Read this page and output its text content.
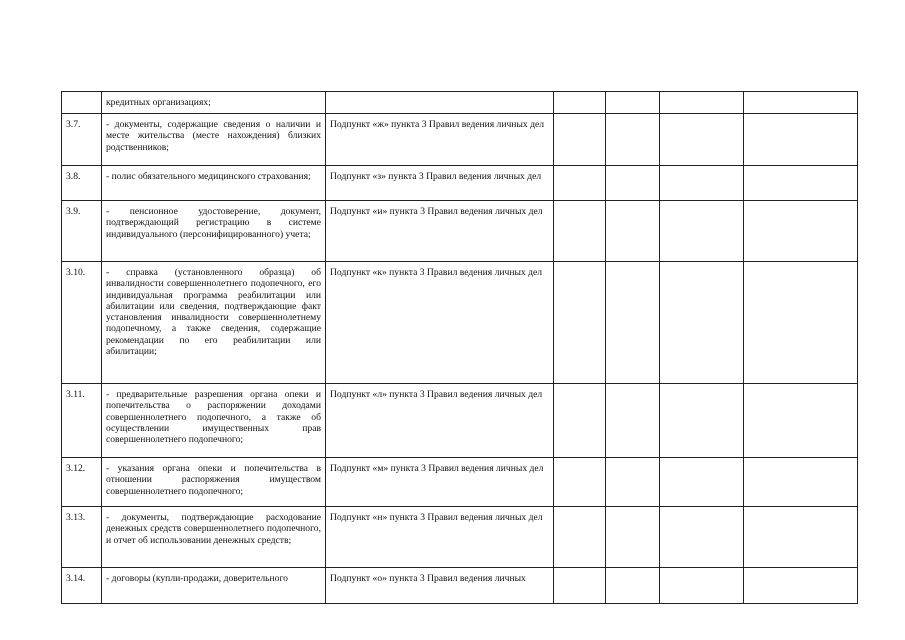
	кредитных организациях;					
3.7.	- документы, содержащие сведения о наличии и месте жительства (месте нахождения) близких родственников;	Подпункт «ж» пункта 3 Правил ведения личных дел				
3.8.	- полис обязательного медицинского страхования;	Подпункт «з» пункта 3 Правил ведения личных дел				
3.9.	- пенсионное удостоверение, документ, подтверждающий регистрацию в системе индивидуального (персонифицированного) учета;	Подпункт «и» пункта 3 Правил ведения личных дел				
3.10.	- справка (установленного образца) об инвалидности совершеннолетнего подопечного, его индивидуальная программа реабилитации или абилитации или сведения, подтверждающие факт установления инвалидности совершеннолетнему подопечному, а также сведения, содержащие рекомендации по его реабилитации или абилитации;	Подпункт «к» пункта 3 Правил ведения личных дел				
3.11.	- предварительные разрешения органа опеки и попечительства о распоряжении доходами совершеннолетнего подопечного, а также об осуществлении имущественных прав совершеннолетнего подопечного;	Подпункт «л» пункта 3 Правил ведения личных дел				
3.12.	- указания органа опеки и попечительства в отношении распоряжения имуществом совершеннолетнего подопечного;	Подпункт «м» пункта 3 Правил ведения личных дел				
3.13.	- документы, подтверждающие расходование денежных средств совершеннолетнего подопечного, и отчет об использовании денежных средств;	Подпункт «н» пункта 3 Правил ведения личных дел				
3.14.	- договоры (купли-продажи, доверительного	Подпункт «о» пункта 3 Правил ведения личных				
